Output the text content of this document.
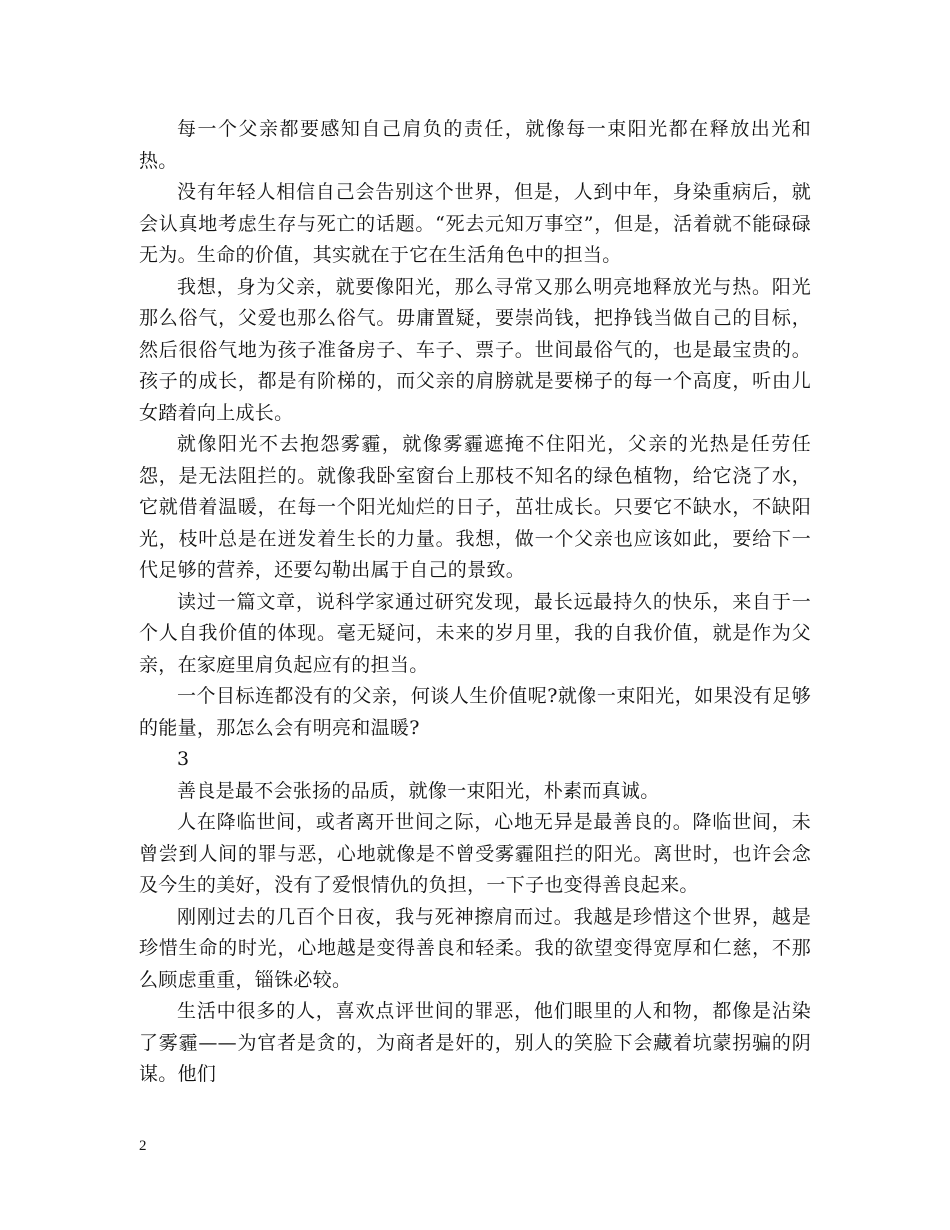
每一个父亲都要感知自己肩负的责任，就像每一束阳光都在释放出光和热。

没有年轻人相信自己会告别这个世界，但是，人到中年，身染重病后，就会认真地考虑生存与死亡的话题。“死去元知万事空”，但是，活着就不能碌碌无为。生命的价值，其实就在于它在生活角色中的担当。

我想，身为父亲，就要像阳光，那么寻常又那么明亮地释放光与热。阳光那么俗气，父爱也那么俗气。毋庸置疑，要崇尚钱，把挣钱当做自己的目标，然后很俗气地为孩子准备房子、车子、票子。世间最俗气的，也是最宝贵的。孩子的成长，都是有阶梯的，而父亲的肩膀就是要梯子的每一个高度，听由儿女踏着向上成长。

就像阳光不去抱怨雾霾，就像雾霾遮掩不住阳光，父亲的光热是任劳任怨，是无法阻拦的。就像我卧室窗台上那枝不知名的绿色植物，给它浇了水，它就借着温暖，在每一个阳光灿烂的日子，茁壮成长。只要它不缺水，不缺阳光，枝叶总是在迸发着生长的力量。我想，做一个父亲也应该如此，要给下一代足够的营养，还要勾勒出属于自己的景致。

读过一篇文章，说科学家通过研究发现，最长远最持久的快乐，来自于一个人自我价值的体现。毫无疑问，未来的岁月里，我的自我价值，就是作为父亲，在家庭里肩负起应有的担当。

一个目标连都没有的父亲，何谈人生价值呢?就像一束阳光，如果没有足够的能量，那怎么会有明亮和温暖?

3

善良是最不会张扬的品质，就像一束阳光，朴素而真诚。

人在降临世间，或者离开世间之际，心地无异是最善良的。降临世间，未曾尝到人间的罪与恶，心地就像是不曾受雾霾阻拦的阳光。离世时，也许会念及今生的美好，没有了爱恨情仇的负担，一下子也变得善良起来。

刚刚过去的几百个日夜，我与死神擦肩而过。我越是珍惜这个世界，越是珍惜生命的时光，心地越是变得善良和轻柔。我的欲望变得宽厚和仁慈，不那么顾虑重重，锱铢必较。

生活中很多的人，喜欢点评世间的罪恶，他们眼里的人和物，都像是沾染了雾霾——为官者是贪的，为商者是奸的，别人的笑脸下会藏着坑蒙拐骗的阴谋。他们

2
